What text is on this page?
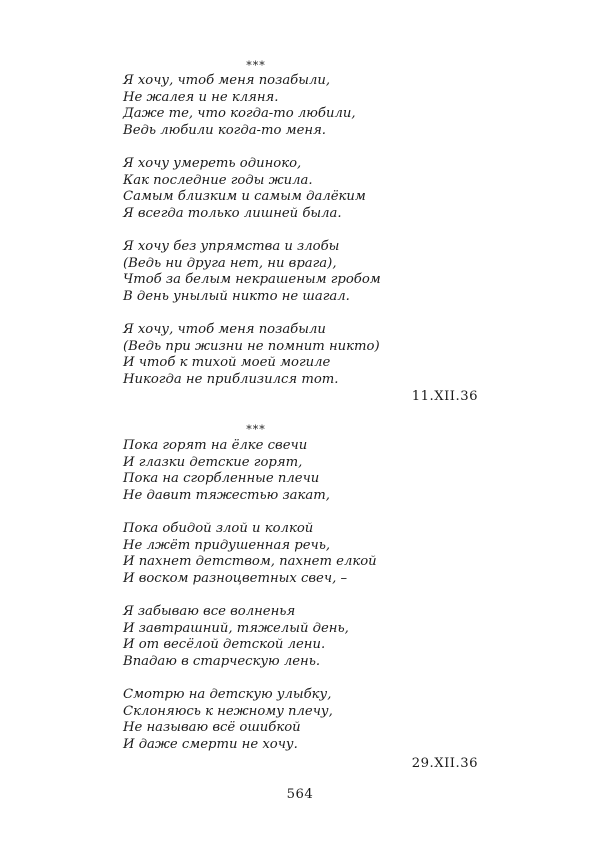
***
Я хочу, чтоб меня позабыли,
Не жалея и не кляня.
Даже те, что когда-то любили,
Ведь любили когда-то меня.
Я хочу умереть одиноко,
Как последние годы жила.
Самым близким и самым далёким
Я всегда только лишней была.
Я хочу без упрямства и злобы
(Ведь ни друга нет, ни врага),
Чтоб за белым некрашеным гробом
В день унылый никто не шагал.
Я хочу, чтоб меня позабыли
(Ведь при жизни не помнит никто)
И чтоб к тихой моей могиле
Никогда не приблизился тот.
11.XII.36
***
Пока горят на ёлке свечи
И глазки детские горят,
Пока на сгорбленные плечи
Не давит тяжестью закат,
Пока обидой злой и колкой
Не лжёт придушенная речь,
И пахнет детством, пахнет елкой
И воском разноцветных свеч, –
Я забываю все волненья
И завтрашний, тяжелый день,
И от весёлой детской лени.
Впадаю в старческую лень.
Смотрю на детскую улыбку,
Склоняюсь к нежному плечу,
Не называю всё ошибкой
И даже смерти не хочу.
29.XII.36
564
